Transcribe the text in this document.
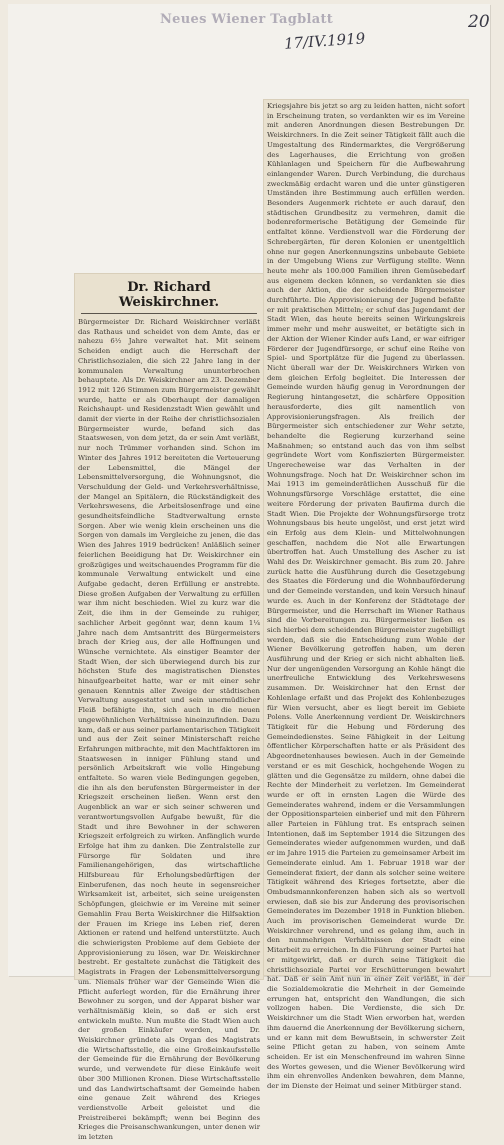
Neues Wiener Tagblatt
17/IV.1919
20
Dr. Richard Weiskirchner.

Bürgermeister Dr. Richard Weiskirchner verläßt das Rathaus und scheidet von dem Amte, das er nahezu 6½ Jahre verwaltet hat. Mit seinem Scheiden endigt auch die Herrschaft der Christlichsozialen, die sich 22 Jahre lang in der kommunalen Verwaltung ununterbrochen behauptete. Als Dr. Weiskirchner am 23. Dezember 1912 mit 126 Stimmen zum Bürgermeister gewählt wurde, hatte er als Oberhaupt der damaligen Reichshaupt- und Residenzstadt Wien gewählt und damit der vierte in der Reihe der christlichsozialen Bürgermeister wurde, befand sich das Staatswesen, von dem jetzt, da er sein Amt verläßt, nur noch Trümmer vorhanden sind. Schon im Winter des Jahres 1912 bereiteten die Verteuerung der Lebensmittel, die Mängel der Lebensmittelversorgung, die Wohnungsnot, die Verschuldung der Geld- und Verkehrsverhältnisse, der Mangel an Spitälern, die Rückständigkeit des Verkehrswesens, die Arbeitslosenfrage und eine gesundheitsfeindliche Stadtverwaltung ernste Sorgen. Aber wie wenig klein erscheinen uns die Sorgen von damals im Vergleiche zu jenen, die das Wien des Jahres 1919 bedrücken! Anläßlich seiner feierlichen Beeidigung hat Dr. Weiskirchner ein großzügiges und weitschauendes Programm für die kommunale Verwaltung entwickelt und eine Aufgabe gedacht, deren Erfüllung er anstrebte. Diese großen Aufgaben der Verwaltung zu erfüllen war ihm nicht beschieden. Wiel zu kurz war die Zeit, die ihm in der Gemeinde zu ruhiger, sachlicher Arbeit gegönnt war, denn kaum 1¼ Jahre nach dem Amtsantritt des Bürgermeisters brach der Krieg aus, der alle Hoffnungen und Wünsche vernichtete. Als einstiger Beamter der Stadt Wien, der sich überwiegend durch bis zur höchsten Stufe des magistratischen Dienstes hinaufgearbeitet hatte, war er mit einer sehr genauen Kenntnis aller Zweige der städtischen Verwaltung ausgestattet und sein unermüdlicher Fleiß befähigte ihn, sich auch in die neuen ungewöhnlichen Verhältnisse hineinzufinden. Dazu kam, daß er aus seiner parlamentarischen Tätigkeit und aus der Zeit seiner Ministerschaft reiche Erfahrungen mitbrachte, mit den Machtfaktoren im Staatswesen in inniger Fühlung stand und persönlich Arbeitskraft wie volle Hingebung entfaltete. So waren viele Bedingungen gegeben, die ihn als den berufensten Bürgermeister in der Kriegszeit erscheinen ließen. Wenn erst den Augenblick an war er sich seiner schweren und verantwortungsvollen Aufgabe bewußt, für die Stadt und ihre Bewohner in der schweren Kriegszeit erfolgreich zu wirken. Anfänglich wurde Erfolge hat ihm zu danken. Die Zentralstelle zur Fürsorge für Soldaten und ihre Familienangehörigen, das wirtschaftliche Hilfsbureau für Erholungsbedürftigen der Einberufenen, das noch heute in segensreicher Wirksamkeit ist, arbeitet, sich seine ureigensten Schöpfungen, gleichwie er im Vereine mit seiner Gemahlin Frau Berta Weiskirchner die Hilfsaktion der Frauen im Kriege ins Leben rief, deren Aktionen er ratend und helfend unterstützte. Auch die schwierigsten Probleme auf dem Gebiete der Approvisionierung zu lösen, war Dr. Weiskirchner bestrebt. Er gestaltete zunächst die Tätigkeit des Magistrats in Fragen der Lebensmittelversorgung um. Niemals früher war der Gemeinde Wien die Pflicht auferlegt worden, für die Ernährung ihrer Bewohner zu sorgen, und der Apparat bisher war verhältnismäßig klein, so daß er sich erst entwickeln mußte. Nun mußte die Stadt Wien auch der großen Einkäufer werden, und Dr. Weiskirchner gründete als Organ des Magistrats die Wirtschaftsstelle, die eine Großeinkaufsstelle der Gemeinde für die Ernährung der Bevölkerung wurde, und verwendete für diese Einkäufe weit über 300 Millionen Kronen. Diese Wirtschaftsstelle und das Landwirtschaftsamt der Gemeinde haben eine genaue Zeit während des Krieges verdienstvolle Arbeit geleistet und die Preistreiberei bekämpft; wenn bei Beginn des Krieges die Preisanschwankungen, unter denen wir im letzten

Kriegsjahre bis jetzt so arg zu leiden hatten, nicht sofort in Erscheinung traten, so verdankten wir es im Vereine mit anderen Anordnungen diesen Bestrebungen Dr. Weiskirchners. In die Zeit seiner Tätigkeit fällt auch die Umgestaltung des Rindermarktes, die Vergrößerung des Lagerhauses, die Errichtung von großen Kühlanlagen und Speichern für die Aufbewahrung einlangender Waren. Durch Verbindung, die durchaus zweckmäßig erdacht waren und die unter günstigeren Umständen ihre Bestimmung auch erfüllen werden. Besonders Augenmerk richtete er auch darauf, den städtischen Grundbesitz zu vermehren, damit die bodenreformerische Betätigung der Gemeinde für entfaltet könne. Verdienstvoll war die Förderung der Schrebergärten, für deren Kolonien er unentgeltlich ohne nur gegen Anerkennungszins unbebaute Gebiete in der Umgebung Wiens zur Verfügung stellte. Wenn heute mehr als 100.000 Familien ihren Gemüsebedarf aus eigenem decken können, so verdankten sie dies auch der Aktion, die der scheidende Bürgermeister durchführte. Die Approvisionierung der Jugend befaßte er mit praktischen Mitteln; er schuf das Jugendamt der Stadt Wien, das heute bereits seinen Wirkungskreis immer mehr und mehr ausweitet, er betätigte sich in der Aktion der Wiener Kinder aufs Land, er war eifriger Förderer der Jugendfürsorge, er schuf eine Reihe von Spiel- und Sportplätze für die Jugend zu überlassen. Nicht überall war der Dr. Weiskirchners Wirken von dem gleichen Erfolg begleitet. Die Interessen der Gemeinde wurden häufig genug in Verordnungen der Regierung hintangesetzt, die schärfere Opposition herausforderte, dies gilt namentlich von Approvisionierungsfragen. Als freilich der Bürgermeister sich entschiedener zur Wehr setzte, behandelte die Regierung kurzerhand seine Maßnahmen; so entstand auch das von ihm selbst gegründete Wort vom Konfiszierten Bürgermeister. Ungerecheweise war das Verhalten in der Wohnungsfrage. Noch hat Dr. Weiskirchner schon im Mai 1913 im gemeinderätlichen Ausschuß für die Wohnungsfürsorge Vorschläge erstattet, die eine weitere Förderung der privaten Baufirma durch die Stadt Wien. Die Projekte der Wohnungsfürsorge trotz Wohnungsbaus bis heute ungelöst, und erst jetzt wird ein Erfolg aus dem Klein- und Mittelwohnungen geschaffen, nachdem die Not alle Erwartungen übertroffen hat. Auch Umstellung des Ascher zu ist Wahl des Dr. Weiskirchner gemacht. Bis zum 20. Jahre zurück hatte die Ausführung durch die Gesetzgebung des Staates die Förderung und die Wohnbauförderung und der Gemeinde verstanden, und kein Versuch hinauf wurde es. Auch in der Konferenz der Städtetage der Bürgermeister, und die Herrschaft im Wiener Rathaus sind die Vorbereitungen zu. Bürgermeister ließen es sich hierbei dem scheidenden Bürgermeister zugebilligt werden, daß sie die Entscheidung zum Wohle der Wiener Bevölkerung getroffen haben, um deren Ausführung und der Krieg er sich nicht abhalten ließ. Nur der ungenügenden Versorgung an Kohle hängt die unerfreuliche Entwicklung des Verkehrswesens zusammen. Dr. Weiskirchner hat den Ernst der Kohlenlage erfaßt und das Projekt des Kohlenbezuges für Wien versucht, aber es liegt bereit im Gebiete Polens. Volle Anerkennung verdient Dr. Weiskirchners Tätigkeit für die Hebung und Förderung des Gemeindedienstes. Seine Fähigkeit in der Leitung öffentlicher Körperschaften hatte er als Präsident des Abgeordnetenhauses bewiesen. Auch in der Gemeinde verstand er es mit Geschick, hochgehende Wogen zu glätten und die Gegensätze zu mildern, ohne dabei die Rechte der Minderheit zu verletzen. Im Gemeinderat wurde er oft in ernsten Lagen die Würde des Gemeinderates wahrend, indem er die Versammlungen der Oppositionsparteien einberief und mit den Führern aller Parteien in Fühlung trat. Es entsprach seinen Intentionen, daß im September 1914 die Sitzungen des Gemeinderates wieder aufgenommen wurden, und daß er im Jahre 1915 die Parteien zu gemeinsamer Arbeit im Gemeinderate einlud. Am 1. Februar 1918 war der Gemeinderat fixiert, der dann als solcher seine weitere Tätigkeit während des Krieges fortsetzte, aber die Ombudsmannkonferenzen haben sich als so wertvoll erwiesen, daß sie bis zur Änderung des provisorischen Gemeinderates im Dezember 1918 in Funktion blieben. Auch im provisorischen Gemeinderat wurde Dr. Weiskirchner verehrend, und es gelang ihm, auch in den nunmehrigen Verhältnissen der Stadt eine Mitarbeit zu erreichen. In die Führung seiner Partei hat er mitgewirkt, daß er durch seine Tätigkeit die christlichsoziale Partei vor Erschütterungen bewahrt hat. Daß er sein Amt nun in einer Zeit verläßt, in der die Sozialdemokratie die Mehrheit in der Gemeinde errungen hat, entspricht den Wandlungen, die sich vollzogen haben. Die Verdienste, die sich Dr. Weiskirchner um die Stadt Wien erworben hat, werden ihm dauernd die Anerkennung der Bevölkerung sichern, und er kann mit dem Bewußtsein, in schwerster Zeit seine Pflicht getan zu haben, von seinem Amte scheiden. Er ist ein Menschenfreund im wahren Sinne des Wortes gewesen, und die Wiener Bevölkerung wird ihm ein ehrenvolles Andenken bewahren, dem Manne, der im Dienste der Heimat und seiner Mitbürger stand.
